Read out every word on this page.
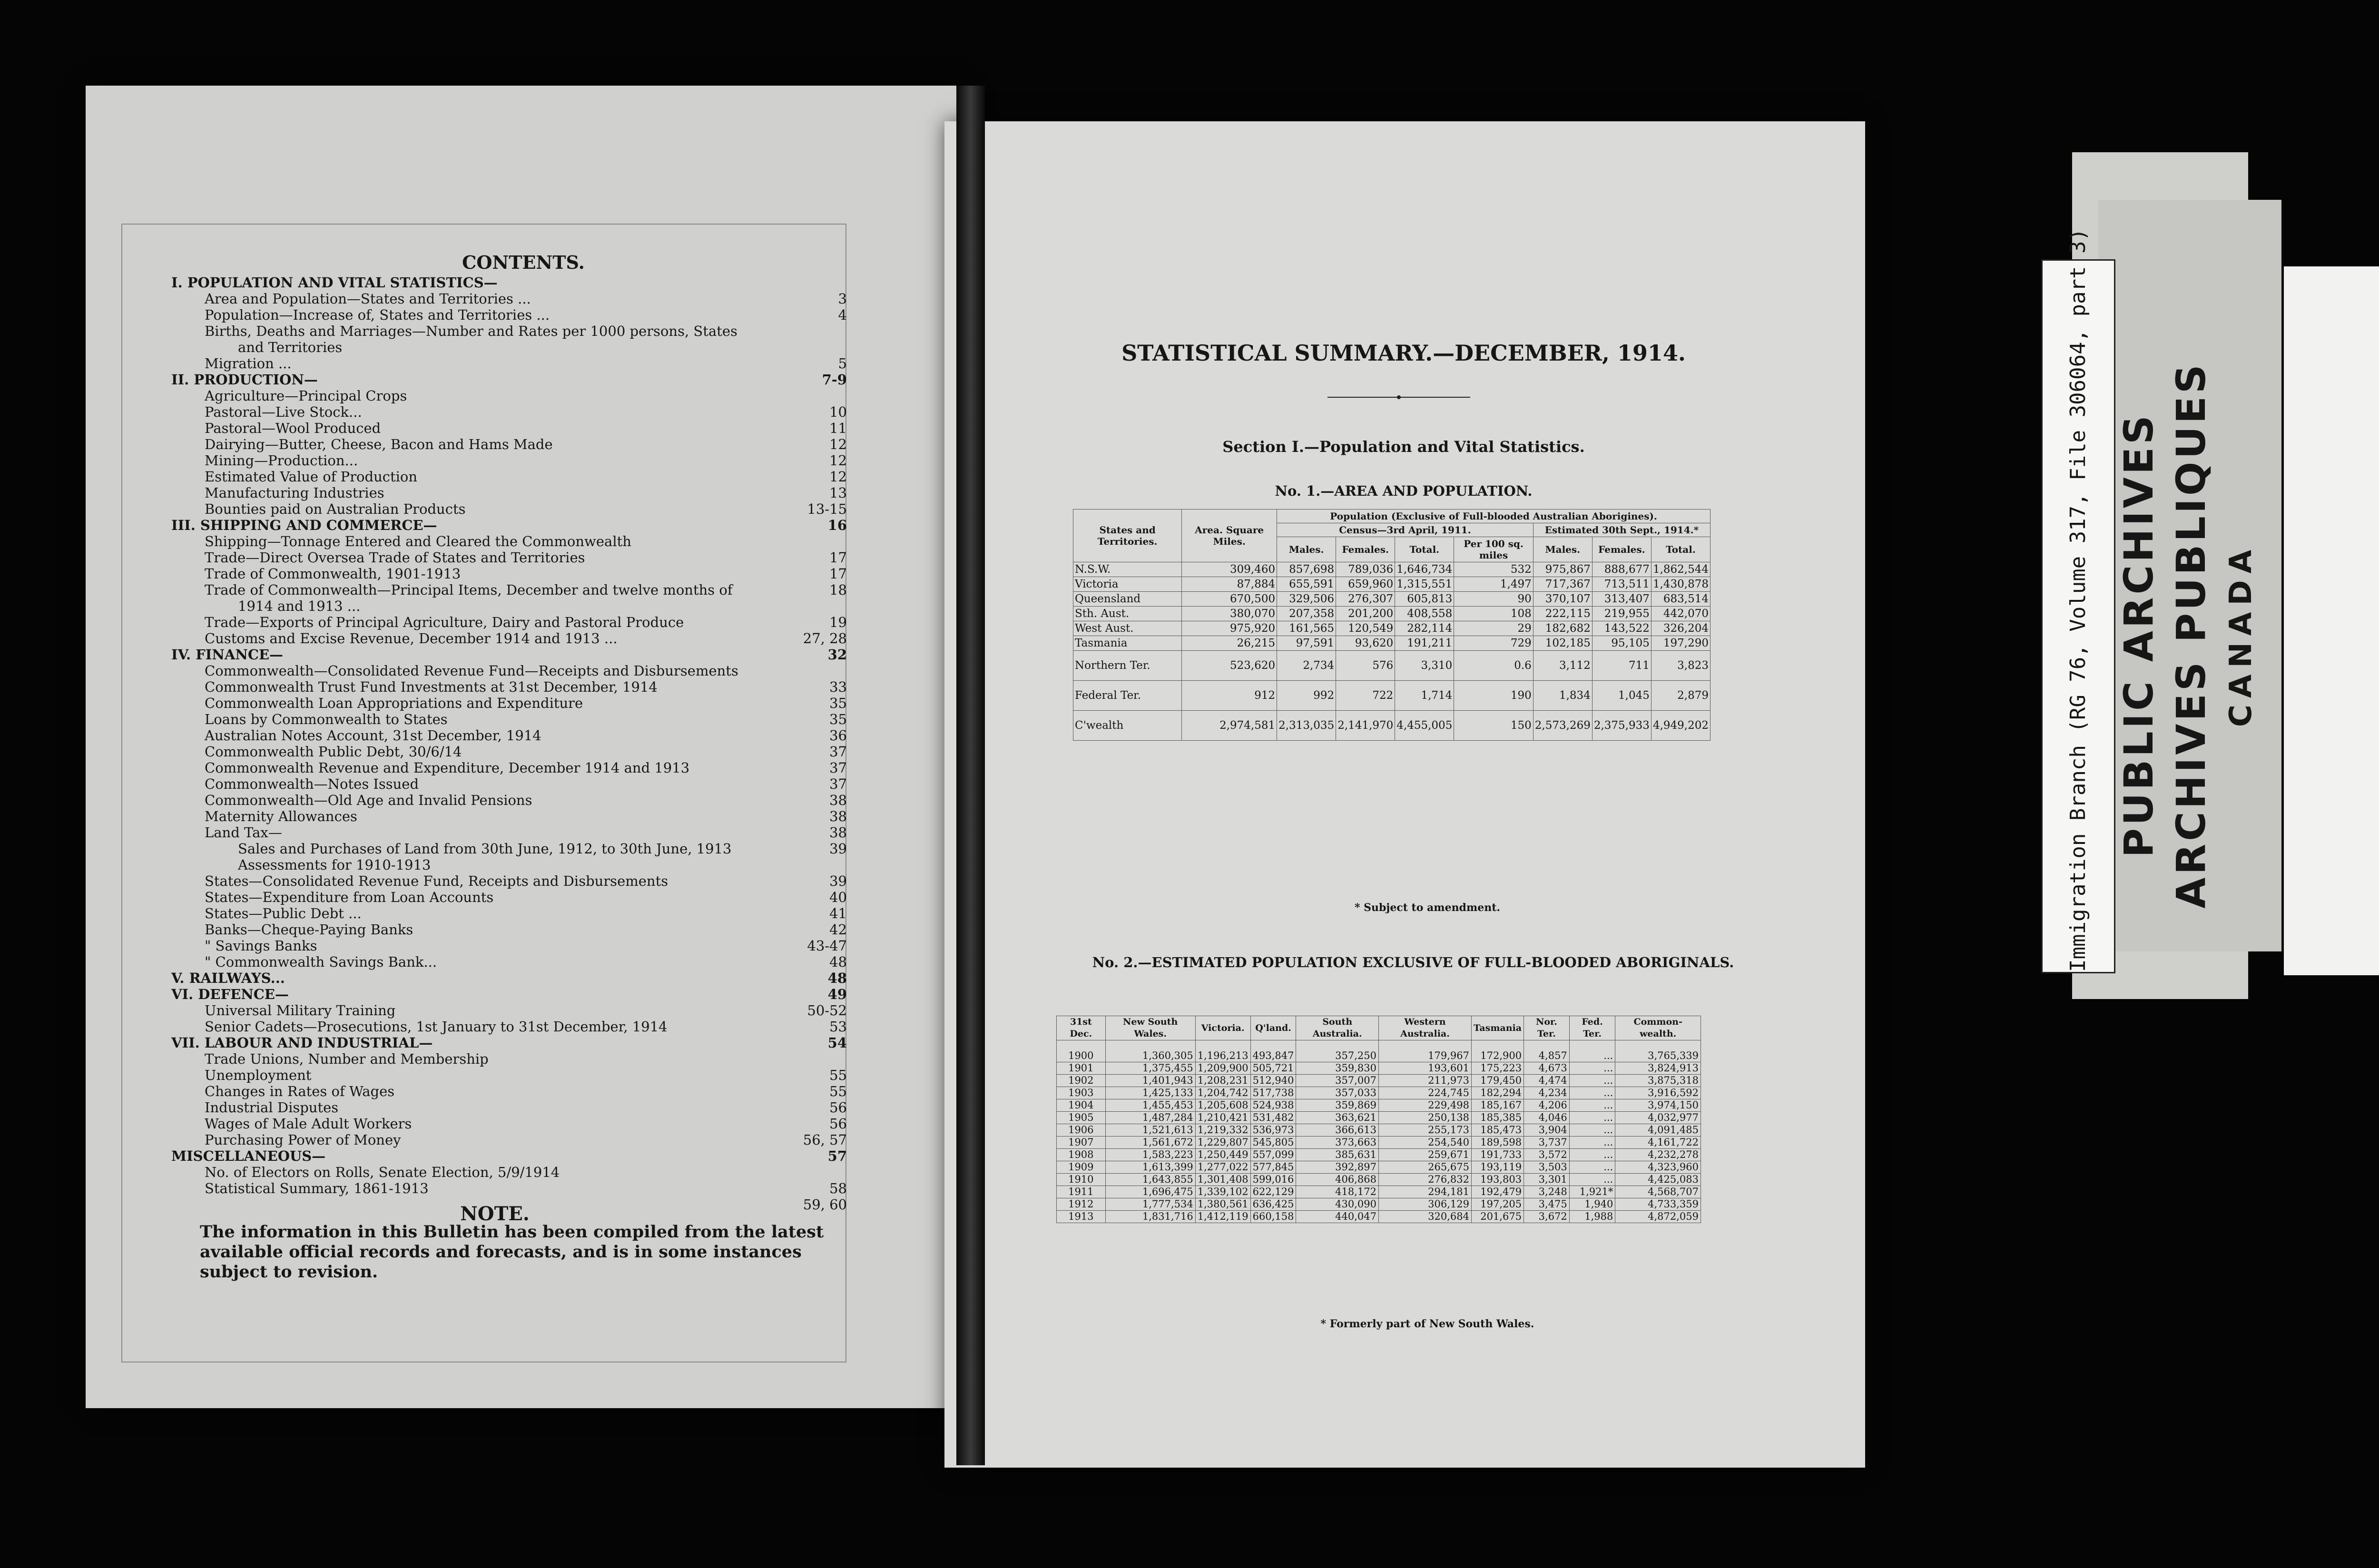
CONTENTS.
I. POPULATION AND VITAL STATISTICS—
Area and Population—States and Territories ...	3
Population—Increase of, States and Territories ...	4
Births, Deaths and Marriages—Number and Rates per 1000 persons, States
and Territories
Migration ...	5
II. PRODUCTION—	7-9
Agriculture—Principal Crops
Pastoral—Live Stock...	10
Pastoral—Wool Produced	11
Dairying—Butter, Cheese, Bacon and Hams Made	12
Mining—Production...	12
Estimated Value of Production	12
Manufacturing Industries	13
Bounties paid on Australian Products	13-15
III. SHIPPING AND COMMERCE—	16
Shipping—Tonnage Entered and Cleared the Commonwealth
Trade—Direct Oversea Trade of States and Territories	17
Trade of Commonwealth, 1901-1913	17
Trade of Commonwealth—Principal Items, December and twelve months of	18
1914 and 1913 ...
Trade—Exports of Principal Agriculture, Dairy and Pastoral Produce	19
Customs and Excise Revenue, December 1914 and 1913 ...	27, 28
IV. FINANCE—	32
Commonwealth—Consolidated Revenue Fund—Receipts and Disbursements
Commonwealth Trust Fund Investments at 31st December, 1914	33
Commonwealth Loan Appropriations and Expenditure	35
Loans by Commonwealth to States	35
Australian Notes Account, 31st December, 1914	36
Commonwealth Public Debt, 30/6/14	37
Commonwealth Revenue and Expenditure, December 1914 and 1913	37
Commonwealth—Notes Issued	37
Commonwealth—Old Age and Invalid Pensions	38
Maternity Allowances	38
Land Tax—	38
Sales and Purchases of Land from 30th June, 1912, to 30th June, 1913	39
Assessments for 1910-1913
States—Consolidated Revenue Fund, Receipts and Disbursements	39
States—Expenditure from Loan Accounts	40
States—Public Debt ...	41
Banks—Cheque-Paying Banks	42
" Savings Banks	43-47
" Commonwealth Savings Bank...	48
V. RAILWAYS...	48
VI. DEFENCE—	49
Universal Military Training	50-52
Senior Cadets—Prosecutions, 1st January to 31st December, 1914	53
VII. LABOUR AND INDUSTRIAL—	54
Trade Unions, Number and Membership
Unemployment	55
Changes in Rates of Wages	55
Industrial Disputes	56
Wages of Male Adult Workers	56
Purchasing Power of Money	56, 57
MISCELLANEOUS—	57
No. of Electors on Rolls, Senate Election, 5/9/1914
Statistical Summary, 1861-1913	58
59, 60
NOTE.
The information in this Bulletin has been compiled from the latest available official records and forecasts, and is in some instances subject to revision.
STATISTICAL SUMMARY.—DECEMBER, 1914.
Section I.—Population and Vital Statistics.
No. 1.—AREA AND POPULATION.
States and Territories.	Area. Square Miles.	Population (Exclusive of Full-blooded Australian Aborigines).						
		Census—3rd April, 1911.				Estimated 30th Sept., 1914.*		
		Males.	Females.	Total.	Per 100 sq. miles	Males.	Females.	Total.
N.S.W.	309,460	857,698	789,036	1,646,734	532	975,867	888,677	1,862,544
Victoria	87,884	655,591	659,960	1,315,551	1,497	717,367	713,511	1,430,878
Queensland	670,500	329,506	276,307	605,813	90	370,107	313,407	683,514
Sth. Aust.	380,070	207,358	201,200	408,558	108	222,115	219,955	442,070
West Aust.	975,920	161,565	120,549	282,114	29	182,682	143,522	326,204
Tasmania	26,215	97,591	93,620	191,211	729	102,185	95,105	197,290
Northern Ter.	523,620	2,734	576	3,310	0.6	3,112	711	3,823
Federal Ter.	912	992	722	1,714	190	1,834	1,045	2,879
C'wealth	2,974,581	2,313,035	2,141,970	4,455,005	150	2,573,269	2,375,933	4,949,202
* Subject to amendment.
No. 2.—ESTIMATED POPULATION EXCLUSIVE OF FULL-BLOODED ABORIGINALS.
31st Dec.	New South Wales.	Victoria.	Q'land.	South Australia.	Western Australia.	Tasmania	Nor. Ter.	Fed. Ter.	Common-wealth.
1900	1,360,305	1,196,213	493,847	357,250	179,967	172,900	4,857	...	3,765,339
1901	1,375,455	1,209,900	505,721	359,830	193,601	175,223	4,673	...	3,824,913
1902	1,401,943	1,208,231	512,940	357,007	211,973	179,450	4,474	...	3,875,318
1903	1,425,133	1,204,742	517,738	357,033	224,745	182,294	4,234	...	3,916,592
1904	1,455,453	1,205,608	524,938	359,869	229,498	185,167	4,206	...	3,974,150
1905	1,487,284	1,210,421	531,482	363,621	250,138	185,385	4,046	...	4,032,977
1906	1,521,613	1,219,332	536,973	366,613	255,173	185,473	3,904	...	4,091,485
1907	1,561,672	1,229,807	545,805	373,663	254,540	189,598	3,737	...	4,161,722
1908	1,583,223	1,250,449	557,099	385,631	259,671	191,733	3,572	...	4,232,278
1909	1,613,399	1,277,022	577,845	392,897	265,675	193,119	3,503	...	4,323,960
1910	1,643,855	1,301,408	599,016	406,868	276,832	193,803	3,301	...	4,425,083
1911	1,696,475	1,339,102	622,129	418,172	294,181	192,479	3,248	1,921*	4,568,707
1912	1,777,534	1,380,561	636,425	430,090	306,129	197,205	3,475	1,940	4,733,359
1913	1,831,716	1,412,119	660,158	440,047	320,684	201,675	3,672	1,988	4,872,059
* Formerly part of New South Wales.
Immigration Branch (RG 76, Volume 317, File 306064, part 3) PUBLIC ARCHIVES ARCHIVES PUBLIQUES CANADA
